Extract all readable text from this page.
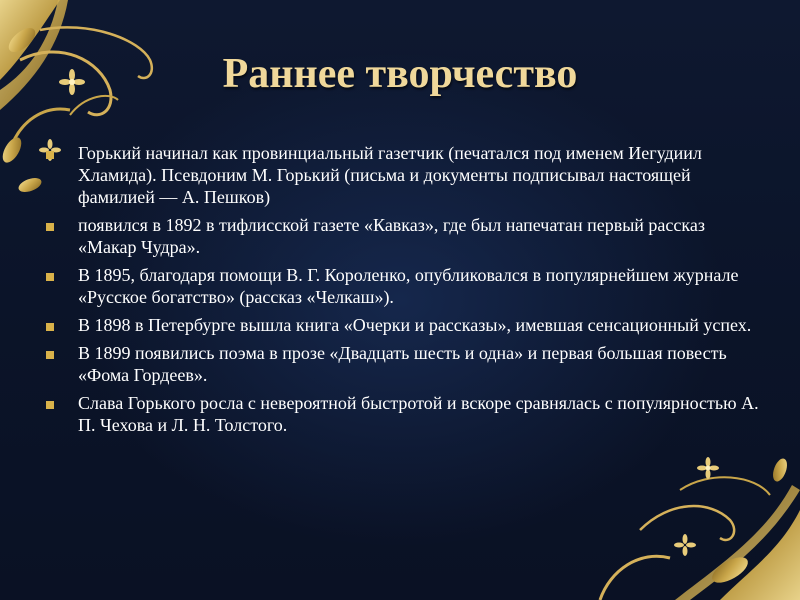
Раннее творчество
Горький начинал как провинциальный газетчик (печатался под именем Иегудиил Хламида). Псевдоним М. Горький (письма и документы подписывал настоящей фамилией — А. Пешков)
появился в 1892 в тифлисской газете «Кавказ», где был напечатан первый рассказ «Макар Чудра».
В 1895, благодаря помощи В. Г. Короленко, опубликовался в популярнейшем журнале «Русское богатство» (рассказ «Челкаш»).
В 1898 в Петербурге вышла книга «Очерки и рассказы», имевшая сенсационный успех.
В 1899 появились поэма в прозе «Двадцать шесть и одна» и первая большая повесть «Фома Гордеев».
Слава Горького росла с невероятной быстротой и вскоре сравнялась с популярностью А. П. Чехова и Л. Н. Толстого.
